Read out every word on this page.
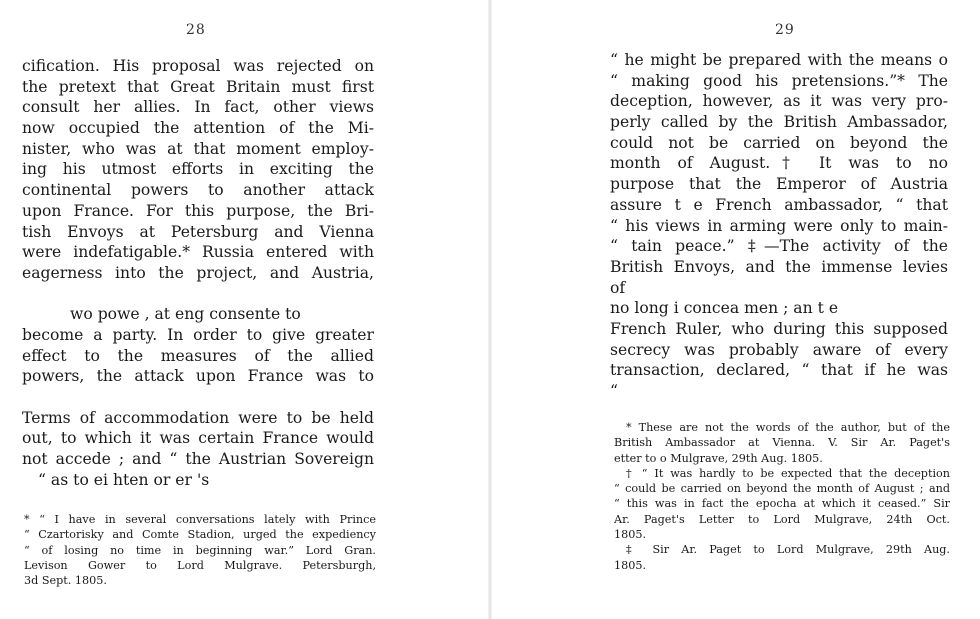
28
cification. His proposal was rejected on
the pretext that Great Britain must first
consult her allies. In fact, other views
now occupied the attention of the Mi-
nister, who was at that moment employ-
ing his utmost efforts in exciting the
continental powers to another attack
upon France. For this purpose, the Bri-
tish Envoys at Petersburg and Vienna
were indefatigable.* Russia entered with
eagerness into the project, and Austria,
wo powe , at eng consente to
become a party. In order to give greater
effect to the measures of the allied
powers, the attack upon France was to
Terms of accommodation were to be held
out, to which it was certain France would
not accede ; and “ the Austrian Sovereign
“ as to ei hten or er 's
* “ I have in several conversations lately with Prince
“ Czartorisky and Comte Stadion, urged the expediency
“ of losing no time in beginning war.” Lord Gran.
Levison Gower to Lord Mulgrave. Petersburgh,
3d Sept. 1805.
29
“ he might be prepared with the means o
“ making good his pretensions.”* The
deception, however, as it was very pro-
perly called by the British Ambassador,
could not be carried on beyond the
month of August.† It was to no
purpose that the Emperor of Austria
assure t e French ambassador, “ that
“ his views in arming were only to main-
“ tain peace.” ‡—The activity of the
British Envoys, and the immense levies
of
no long i concea men ; an t e
French Ruler, who during this supposed
secrecy was probably aware of every
transaction, declared, “ that if he was
“
* These are not the words of the author, but of the
British Ambassador at Vienna. V. Sir Ar. Paget's
etter to o Mulgrave, 29th Aug. 1805.
† “ It was hardly to be expected that the deception
“ could be carried on beyond the month of August ; and
“ this was in fact the epocha at which it ceased.” Sir
Ar. Paget's Letter to Lord Mulgrave, 24th Oct.
1805.
‡ Sir Ar. Paget to Lord Mulgrave, 29th Aug.
1805.
